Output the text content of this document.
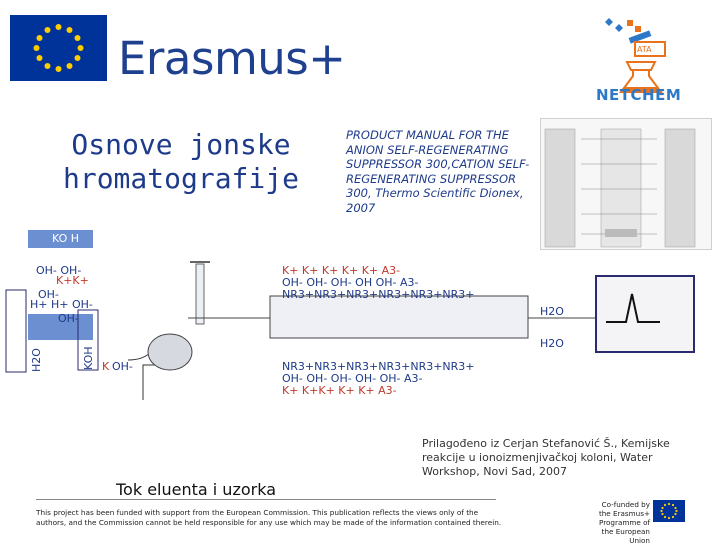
Erasmus+	ATA
NETCHEM
Osnove jonske hromatografije
PRODUCT MANUAL FOR THE ANION SELF-REGENERATING SUPPRESSOR 300,CATION SELF-REGENERATING SUPPRESSOR 300, Thermo Scientific Dionex, 2007
KO H
OH- OH-
K+K+
OH-
H+ H+ OH-
OH-
K OH-
H2O	KOH
K+ K+ K+ K+ K+ A3-
OH- OH- OH- OH OH- A3-
NR3+NR3+NR3+NR3+NR3+NR3+
NR3+NR3+NR3+NR3+NR3+NR3+
OH- OH- OH- OH- OH- A3-
K+ K+K+ K+ K+ A3-
H2O
H2O
Prilagođeno iz Cerjan Stefanović Š., Kemijske reakcije u ionoizmenjivačkoj koloni, Water Workshop, Novi Sad, 2007
Tok eluenta i uzorka
This project has been funded with support from the European Commission. This publication reflects the views only of the authors, and the Commission cannot be held responsible for any use which may be made of the information contained therein.
Co-funded by the Erasmus+ Programme of the European Union
